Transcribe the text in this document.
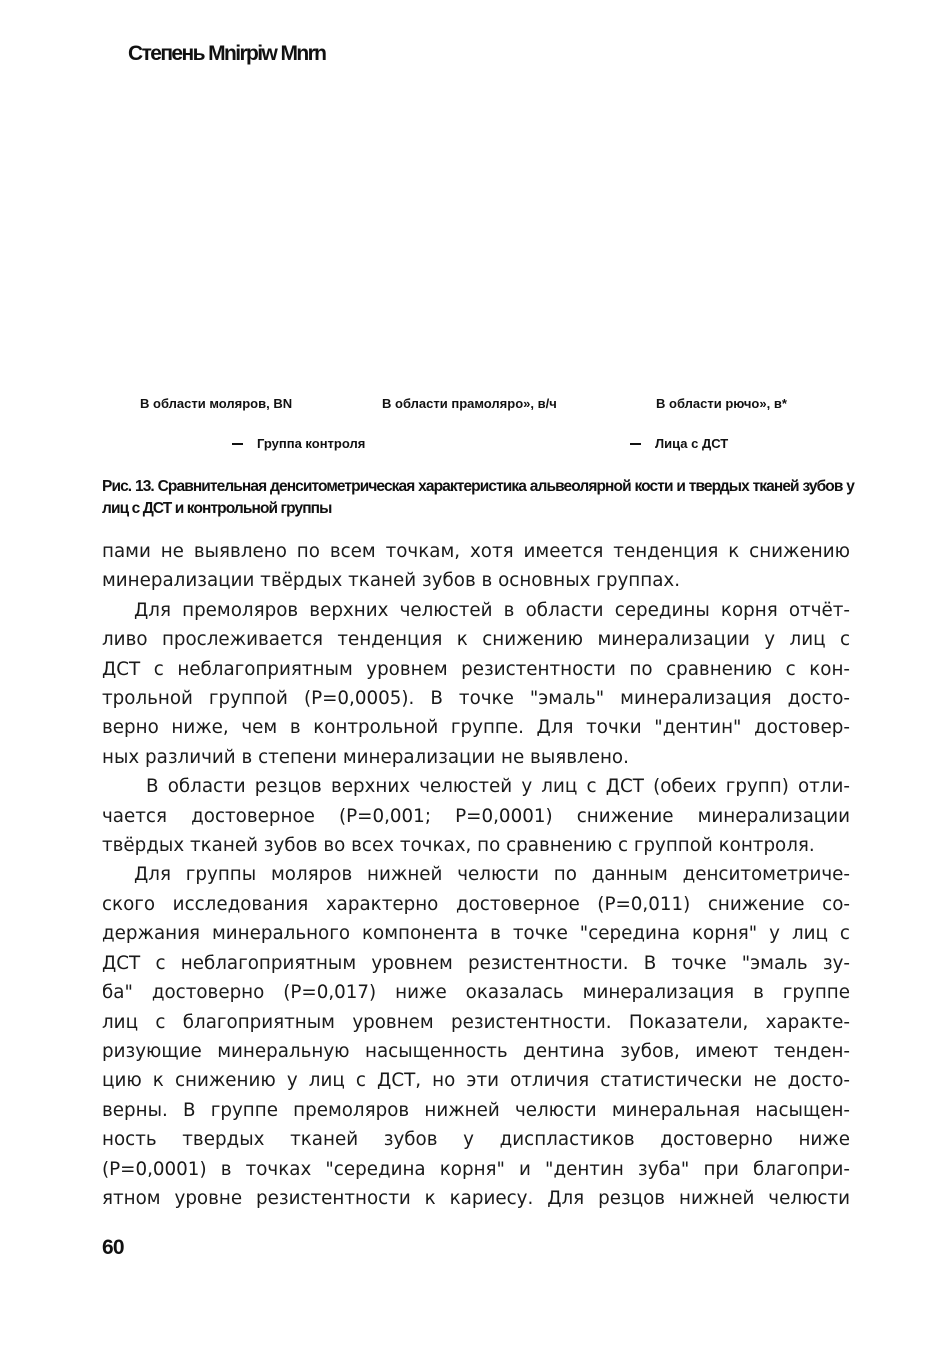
Степень Mnirpiw Mnrn
В области моляров, BN	В области прамоляро», в/ч	В области рючо», в*
Группа контроля	Лица с ДСТ
Рис. 13. Сравнительная денситометрическая характеристика альвеолярной кости и твердых тканей зубов у лиц с ДСТ и контрольной группы
пами не выявлено по всем точкам, хотя имеется тенденция к снижению
минерализации твёрдых тканей зубов в основных группах.
Для премоляров верхних челюстей в области середины корня отчёт-
ливо прослеживается тенденция к снижению минерализации у лиц с
ДСТ с неблагоприятным уровнем резистентности по сравнению с кон-
трольной группой (P=0,0005). В точке "эмаль" минерализация досто-
верно ниже, чем в контрольной группе. Для точки "дентин" достовер-
ных различий в степени минерализации не выявлено.
В области резцов верхних челюстей у лиц с ДСТ (обеих групп) отли-
чается достоверное (P=0,001; P=0,0001) снижение минерализации
твёрдых тканей зубов во всех точках, по сравнению с группой контроля.
Для группы моляров нижней челюсти по данным денситометриче-
ского исследования характерно достоверное (P=0,011) снижение со-
держания минерального компонента в точке "середина корня" у лиц с
ДСТ с неблагоприятным уровнем резистентности. В точке "эмаль зу-
ба" достоверно (P=0,017) ниже оказалась минерализация в группе
лиц с благоприятным уровнем резистентности. Показатели, характе-
ризующие минеральную насыщенность дентина зубов, имеют тенден-
цию к снижению у лиц с ДСТ, но эти отличия статистически не досто-
верны. В группе премоляров нижней челюсти минеральная насыщен-
ность твердых тканей зубов у диспластиков достоверно ниже
(P=0,0001) в точках "середина корня" и "дентин зуба" при благопри-
ятном уровне резистентности к кариесу. Для резцов нижней челюсти
60
